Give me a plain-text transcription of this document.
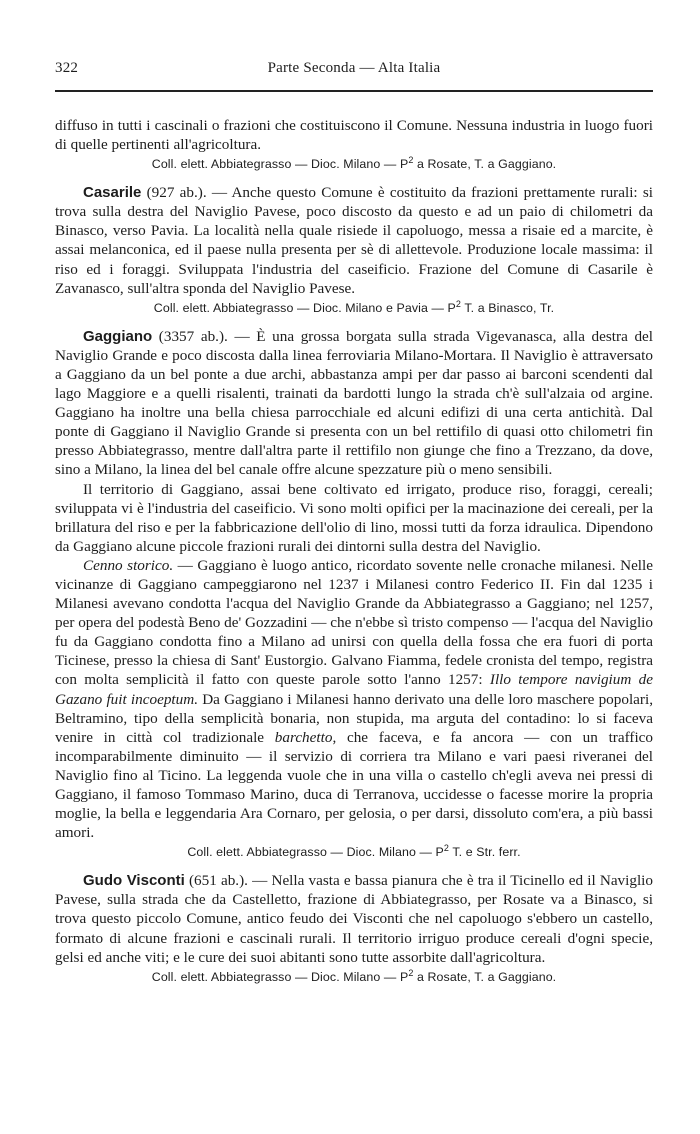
322	Parte Seconda — Alta Italia

diffuso in tutti i cascinali o frazioni che costituiscono il Comune. Nessuna industria in luogo fuori di quelle pertinenti all'agricoltura.

Coll. elett. Abbiategrasso — Dioc. Milano — $P^2$ a Rosate, T. a Gaggiano.

Casarile (927 ab.). — Anche questo Comune è costituito da frazioni prettamente rurali: si trova sulla destra del Naviglio Pavese, poco discosto da questo e ad un paio di chilometri da Binasco, verso Pavia. La località nella quale risiede il capoluogo, messa a risaie ed a marcite, è assai melanconica, ed il paese nulla presenta per sè di allettevole. Produzione locale massima: il riso ed i foraggi. Sviluppata l'industria del caseificio. Frazione del Comune di Casarile è Zavanasco, sull'altra sponda del Naviglio Pavese.

Coll. elett. Abbiategrasso — Dioc. Milano e Pavia — $P^2$ T. a Binasco, Tr.

Gaggiano (3357 ab.). — È una grossa borgata sulla strada Vigevanasca, alla destra del Naviglio Grande e poco discosta dalla linea ferroviaria Milano-Mortara. Il Naviglio è attraversato a Gaggiano da un bel ponte a due archi, abbastanza ampi per dar passo ai barconi scendenti dal lago Maggiore e a quelli risalenti, trainati da bardotti lungo la strada ch'è sull'alzaia od argine. Gaggiano ha inoltre una bella chiesa parrocchiale ed alcuni edifizi di una certa antichità. Dal ponte di Gaggiano il Naviglio Grande si presenta con un bel rettifilo di quasi otto chilometri fin presso Abbiategrasso, mentre dall'altra parte il rettifilo non giunge che fino a Trezzano, da dove, sino a Milano, la linea del bel canale offre alcune spezzature più o meno sensibili.

Il territorio di Gaggiano, assai bene coltivato ed irrigato, produce riso, foraggi, cereali; sviluppata vi è l'industria del caseificio. Vi sono molti opifici per la macinazione dei cereali, per la brillatura del riso e per la fabbricazione dell'olio di lino, mossi tutti da forza idraulica. Dipendono da Gaggiano alcune piccole frazioni rurali dei dintorni sulla destra del Naviglio.

Cenno storico. — Gaggiano è luogo antico, ricordato sovente nelle cronache milanesi. Nelle vicinanze di Gaggiano campeggiarono nel 1237 i Milanesi contro Federico II. Fin dal 1235 i Milanesi avevano condotta l'acqua del Naviglio Grande da Abbiategrasso a Gaggiano; nel 1257, per opera del podestà Beno de' Gozzadini — che n'ebbe sì tristo compenso — l'acqua del Naviglio fu da Gaggiano condotta fino a Milano ad unirsi con quella della fossa che era fuori di porta Ticinese, presso la chiesa di Sant' Eustorgio. Galvano Fiamma, fedele cronista del tempo, registra con molta semplicità il fatto con queste parole sotto l'anno 1257: Illo tempore navigium de Gazano fuit incoeptum. Da Gaggiano i Milanesi hanno derivato una delle loro maschere popolari, Beltramino, tipo della semplicità bonaria, non stupida, ma arguta del contadino: lo si faceva venire in città col tradizionale barchetto, che faceva, e fa ancora — con un traffico incomparabilmente diminuito — il servizio di corriera tra Milano e vari paesi riveranei del Naviglio fino al Ticino. La leggenda vuole che in una villa o castello ch'egli aveva nei pressi di Gaggiano, il famoso Tommaso Marino, duca di Terranova, uccidesse o facesse morire la propria moglie, la bella e leggendaria Ara Cornaro, per gelosia, o per darsi, dissoluto com'era, a più bassi amori.

Coll. elett. Abbiategrasso — Dioc. Milano — $P^2$ T. e Str. ferr.

Gudo Visconti (651 ab.). — Nella vasta e bassa pianura che è tra il Ticinello ed il Naviglio Pavese, sulla strada che da Castelletto, frazione di Abbiategrasso, per Rosate va a Binasco, si trova questo piccolo Comune, antico feudo dei Visconti che nel capoluogo s'ebbero un castello, formato di alcune frazioni e cascinali rurali. Il territorio irriguo produce cereali d'ogni specie, gelsi ed anche viti; e le cure dei suoi abitanti sono tutte assorbite dall'agricoltura.

Coll. elett. Abbiategrasso — Dioc. Milano — $P^2$ a Rosate, T. a Gaggiano.
